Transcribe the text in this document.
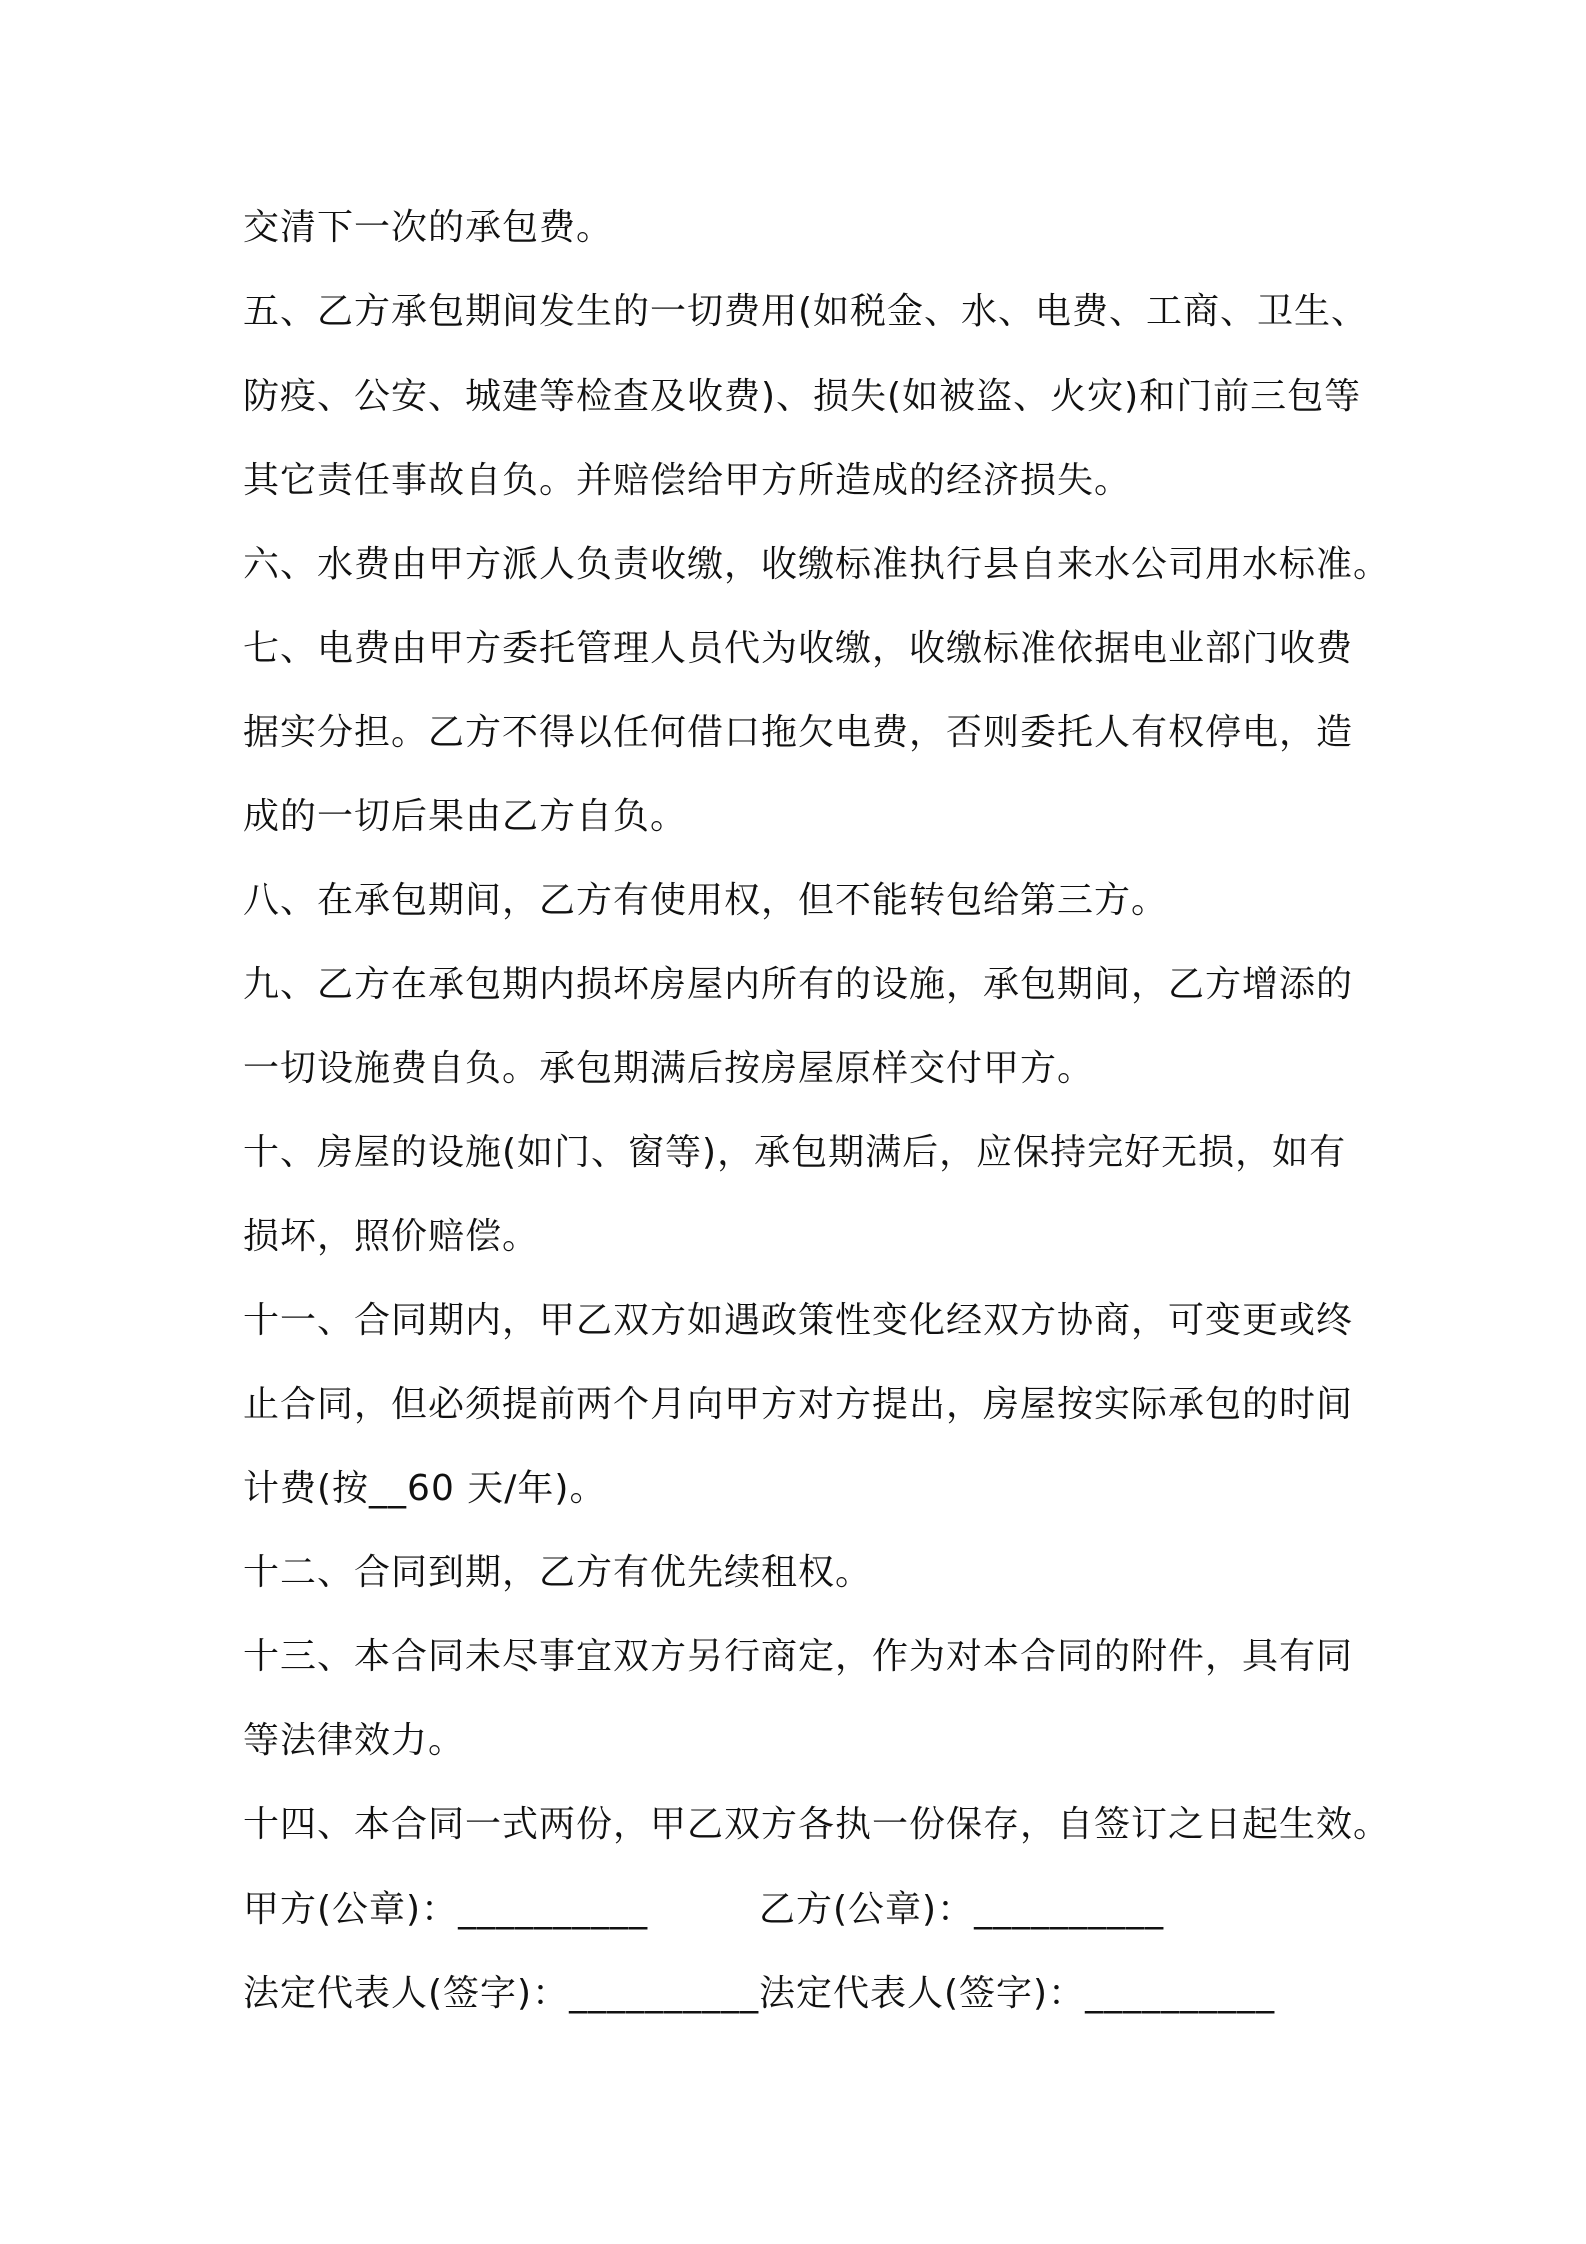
交清下一次的承包费。
五、乙方承包期间发生的一切费用(如税金、水、电费、工商、卫生、
防疫、公安、城建等检查及收费)、损失(如被盗、火灾)和门前三包等
其它责任事故自负。并赔偿给甲方所造成的经济损失。
六、水费由甲方派人负责收缴，收缴标准执行县自来水公司用水标准。
七、电费由甲方委托管理人员代为收缴，收缴标准依据电业部门收费
据实分担。乙方不得以任何借口拖欠电费，否则委托人有权停电，造
成的一切后果由乙方自负。
八、在承包期间，乙方有使用权，但不能转包给第三方。
九、乙方在承包期内损坏房屋内所有的设施，承包期间，乙方增添的
一切设施费自负。承包期满后按房屋原样交付甲方。
十、房屋的设施(如门、窗等)，承包期满后，应保持完好无损，如有
损坏，照价赔偿。
十一、合同期内，甲乙双方如遇政策性变化经双方协商，可变更或终
止合同，但必须提前两个月向甲方对方提出，房屋按实际承包的时间
计费(按__60 天/年)。
十二、合同到期，乙方有优先续租权。
十三、本合同未尽事宜双方另行商定，作为对本合同的附件，具有同
等法律效力。
十四、本合同一式两份，甲乙双方各执一份保存，自签订之日起生效。
甲方(公章)：__________	乙方(公章)：__________
法定代表人(签字)：__________ 法定代表人(签字)：__________
